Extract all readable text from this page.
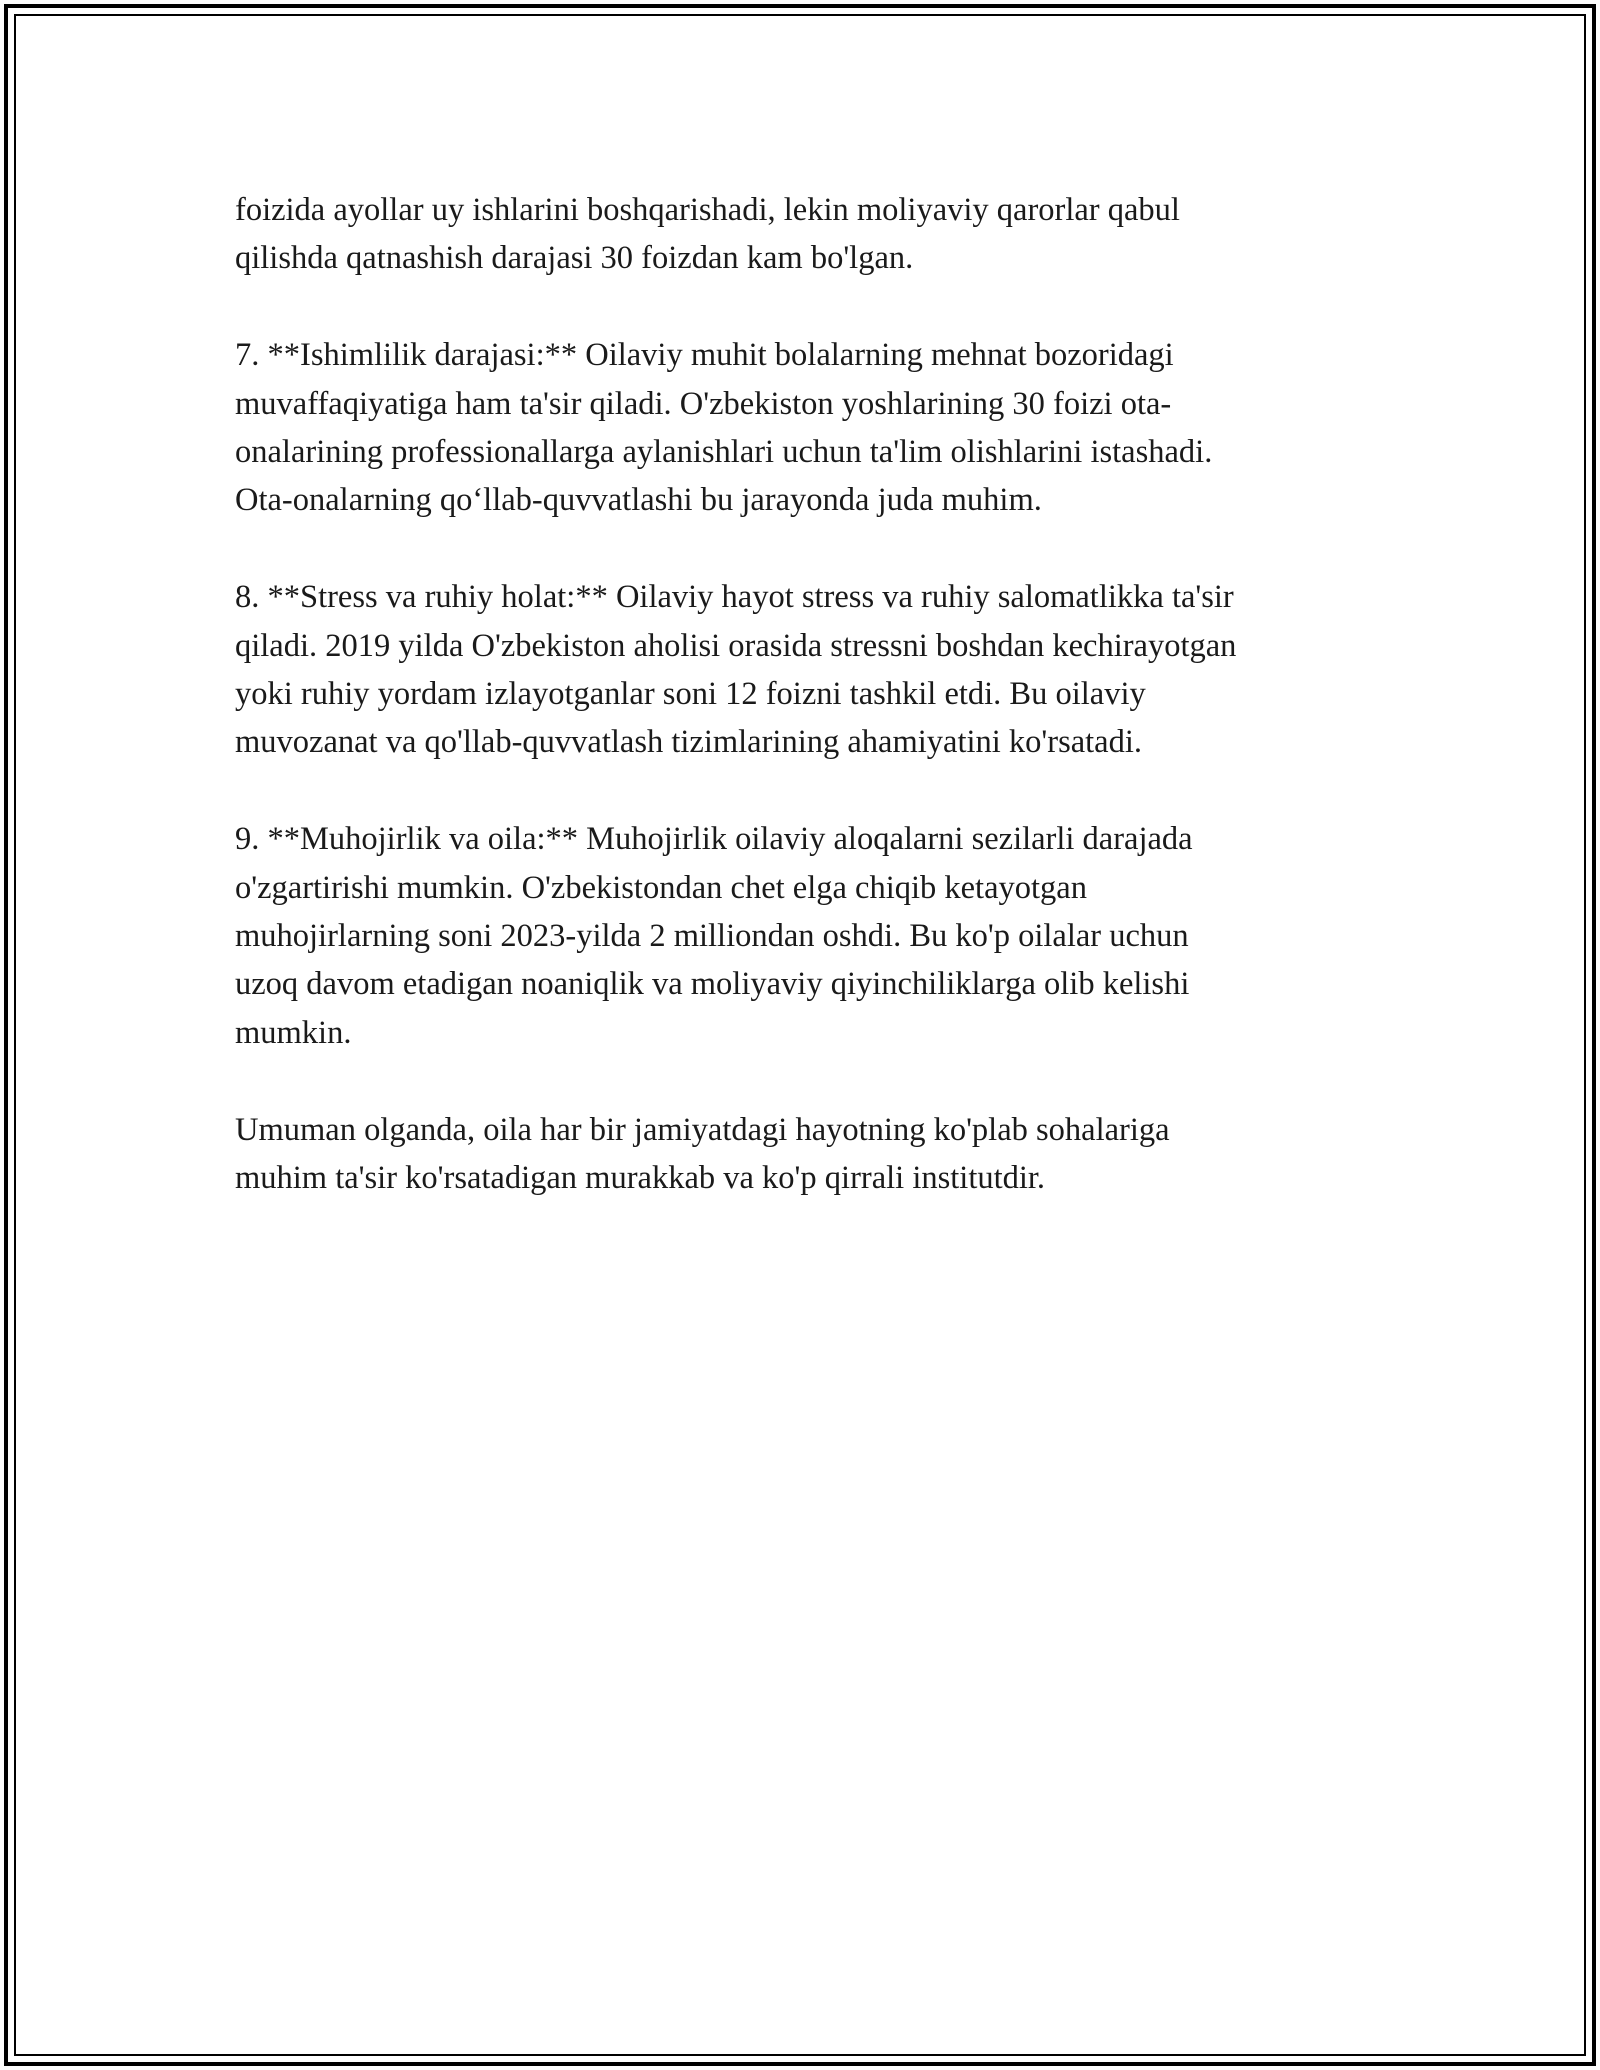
foizida ayollar uy ishlarini boshqarishadi, lekin moliyaviy qarorlar qabul
qilishda qatnashish darajasi 30 foizdan kam bo'lgan.

7. **Ishimlilik darajasi:** Oilaviy muhit bolalarning mehnat bozoridagi
muvaffaqiyatiga ham ta'sir qiladi. O'zbekiston yoshlarining 30 foizi ota-
onalarining professionallarga aylanishlari uchun ta'lim olishlarini istashadi.
Ota-onalarning qo‘llab-quvvatlashi bu jarayonda juda muhim.

8. **Stress va ruhiy holat:** Oilaviy hayot stress va ruhiy salomatlikka ta'sir
qiladi. 2019 yilda O'zbekiston aholisi orasida stressni boshdan kechirayotgan
yoki ruhiy yordam izlayotganlar soni 12 foizni tashkil etdi. Bu oilaviy
muvozanat va qo'llab-quvvatlash tizimlarining ahamiyatini ko'rsatadi.

9. **Muhojirlik va oila:** Muhojirlik oilaviy aloqalarni sezilarli darajada
o'zgartirishi mumkin. O'zbekistondan chet elga chiqib ketayotgan
muhojirlarning soni 2023-yilda 2 milliondan oshdi. Bu ko'p oilalar uchun
uzoq davom etadigan noaniqlik va moliyaviy qiyinchiliklarga olib kelishi
mumkin.

Umuman olganda, oila har bir jamiyatdagi hayotning ko'plab sohalariga
muhim ta'sir ko'rsatadigan murakkab va ko'p qirrali institutdir.
